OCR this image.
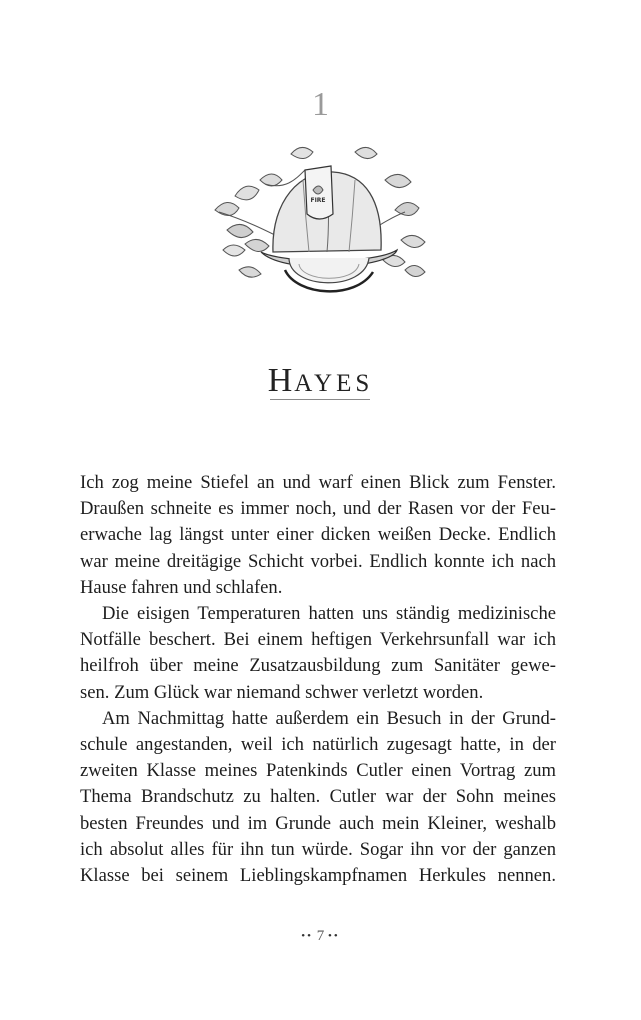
1
FIRE
HAYES

Ich zog meine Stiefel an und warf einen Blick zum Fenster.

Draußen schneite es immer noch, und der Rasen vor der Feu-

erwache lag längst unter einer dicken weißen Decke. Endlich

war meine dreitägige Schicht vorbei. Endlich konnte ich nach

Hause fahren und schlafen.

Die eisigen Temperaturen hatten uns ständig medizinische

Notfälle beschert. Bei einem heftigen Verkehrsunfall war ich

heilfroh über meine Zusatzausbildung zum Sanitäter gewe-

sen. Zum Glück war niemand schwer verletzt worden.

Am Nachmittag hatte außerdem ein Besuch in der Grund-

schule angestanden, weil ich natürlich zugesagt hatte, in der

zweiten Klasse meines Patenkinds Cutler einen Vortrag zum

Thema Brandschutz zu halten. Cutler war der Sohn meines

besten Freundes und im Grunde auch mein Kleiner, weshalb

ich absolut alles für ihn tun würde. Sogar ihn vor der ganzen

Klasse bei seinem Lieblingskampfnamen Herkules nennen.

•• 7 ••
